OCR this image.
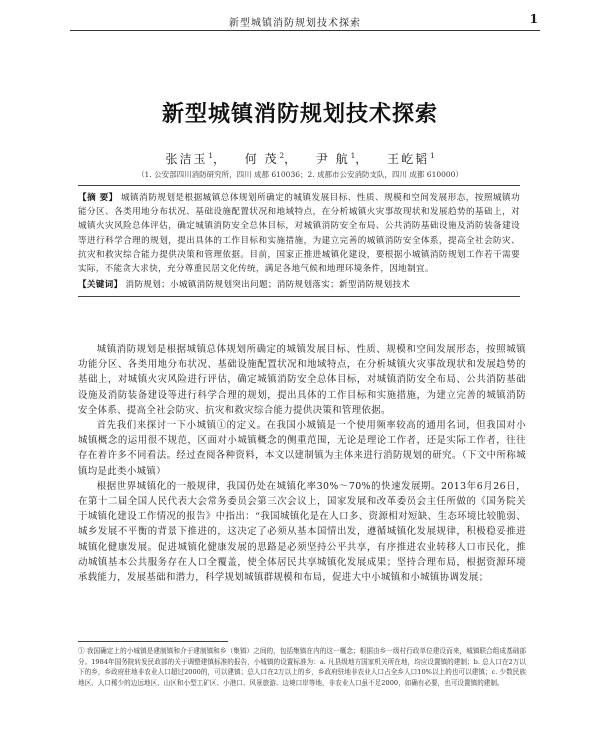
新型城镇消防规划技术探索	1
新型城镇消防规划技术探索
张洁玉$^1$， 何 茂$^2$， 尹 航$^1$， 王屹韬$^1$
（1. 公安部四川消防研究所，四川 成都 610036；2. 成都市公安消防支队，四川 成都 610000）

【摘 要】 城镇消防规划是根据城镇总体规划所确定的城镇发展目标、性质、规模和空间发展形态，按照城镇功能分区、各类用地分布状况、基础设施配置状况和地域特点，在分析城镇火灾事故现状和发展趋势的基础上，对城镇火灾风险总体评估，确定城镇消防安全总体目标，对城镇消防安全布局、公共消防基础设施及消防装备建设等进行科学合理的规划，提出具体的工作目标和实施措施，为建立完善的城镇消防安全体系，提高全社会防灾、抗灾和救灾综合能力提供决策和管理依据。目前，国家正推进城镇化建设，要根据小城镇消防规划工作若干需要实际，不能贪大求快，充分尊重民居文化传统，满足各地气候和地理环境条件，因地制宜。

【关键词】 消防规划；小城镇消防规划突出问题；消防规划落实；新型消防规划技术

城镇消防规划是根据城镇总体规划所确定的城镇发展目标、性质、规模和空间发展形态，按照城镇功能分区、各类用地分布状况、基础设施配置状况和地域特点，在分析城镇火灾事故现状和发展趋势的基础上，对城镇火灾风险进行评估，确定城镇消防安全总体目标，对城镇消防安全布局、公共消防基础设施及消防装备建设等进行科学合理的规划，提出具体的工作目标和实施措施，为建立完善的城镇消防安全体系、提高全社会防灾、抗灾和救灾综合能力提供决策和管理依据。

首先我们来探讨一下小城镇①的定义。在我国小城镇是一个使用频率较高的通用名词，但我国对小城镇概念的运用很不规范，区面对小城镇概念的侧重范围，无论是理论工作者，还是实际工作者，往往存在着许多不同看法。经过查阅各种资料，本文以建制镇为主体来进行消防规划的研究。（下文中所称城镇均是此类小城镇）

根据世界城镇化的一般规律，我国仍处在城镇化率30%～70%的快速发展期。2013年6月26日，在第十二届全国人民代表大会常务委员会第三次会议上，国家发展和改革委员会主任所做的《国务院关于城镇化建设工作情况的报告》中指出：“我国城镇化是在人口多、资源相对短缺、生态环境比较脆弱、城乡发展不平衡的背景下推进的，这决定了必须从基本国情出发，遵循城镇化发展规律，积极稳妥推进城镇化健康发展。促进城镇化健康发展的思路是必须坚持公平共享，有序推进农业转移人口市民化，推动城镇基本公共服务存在人口全覆盖，使全体居民共享城镇化发展成果；坚持合理布局，根据资源环境承载能力，发展基础和潜力，科学规划城镇群规模和布局，促进大中小城镇和小城镇协调发展；

① 我国确定上的小城镇是建制镇和介于建制镇和乡（集镇）之间的，包括集镇在内的这一概念；根据由乡一级村行政单位建设而来，城镇联合组成基础部分。1984年国务院转发民政部的关于调整建镇标准的报告，小城镇的设置标准为：a. 凡县级地方国家机关所在地，均应设置镇的建制；b. 总人口在2万以下的乡，乡政府驻地非农业人口超过2000的，可以建镇；总人口在2万以上的乡，乡政府驻地非农业人口占全乡人口10%以上的也可以建镇；c. 少数民族地区、人口稀少的边远地区、山区和小型工矿区、小港口、风景旅游、边境口岸等地，非农业人口虽不足2000，如确有必要，也可设置镇的建制。
